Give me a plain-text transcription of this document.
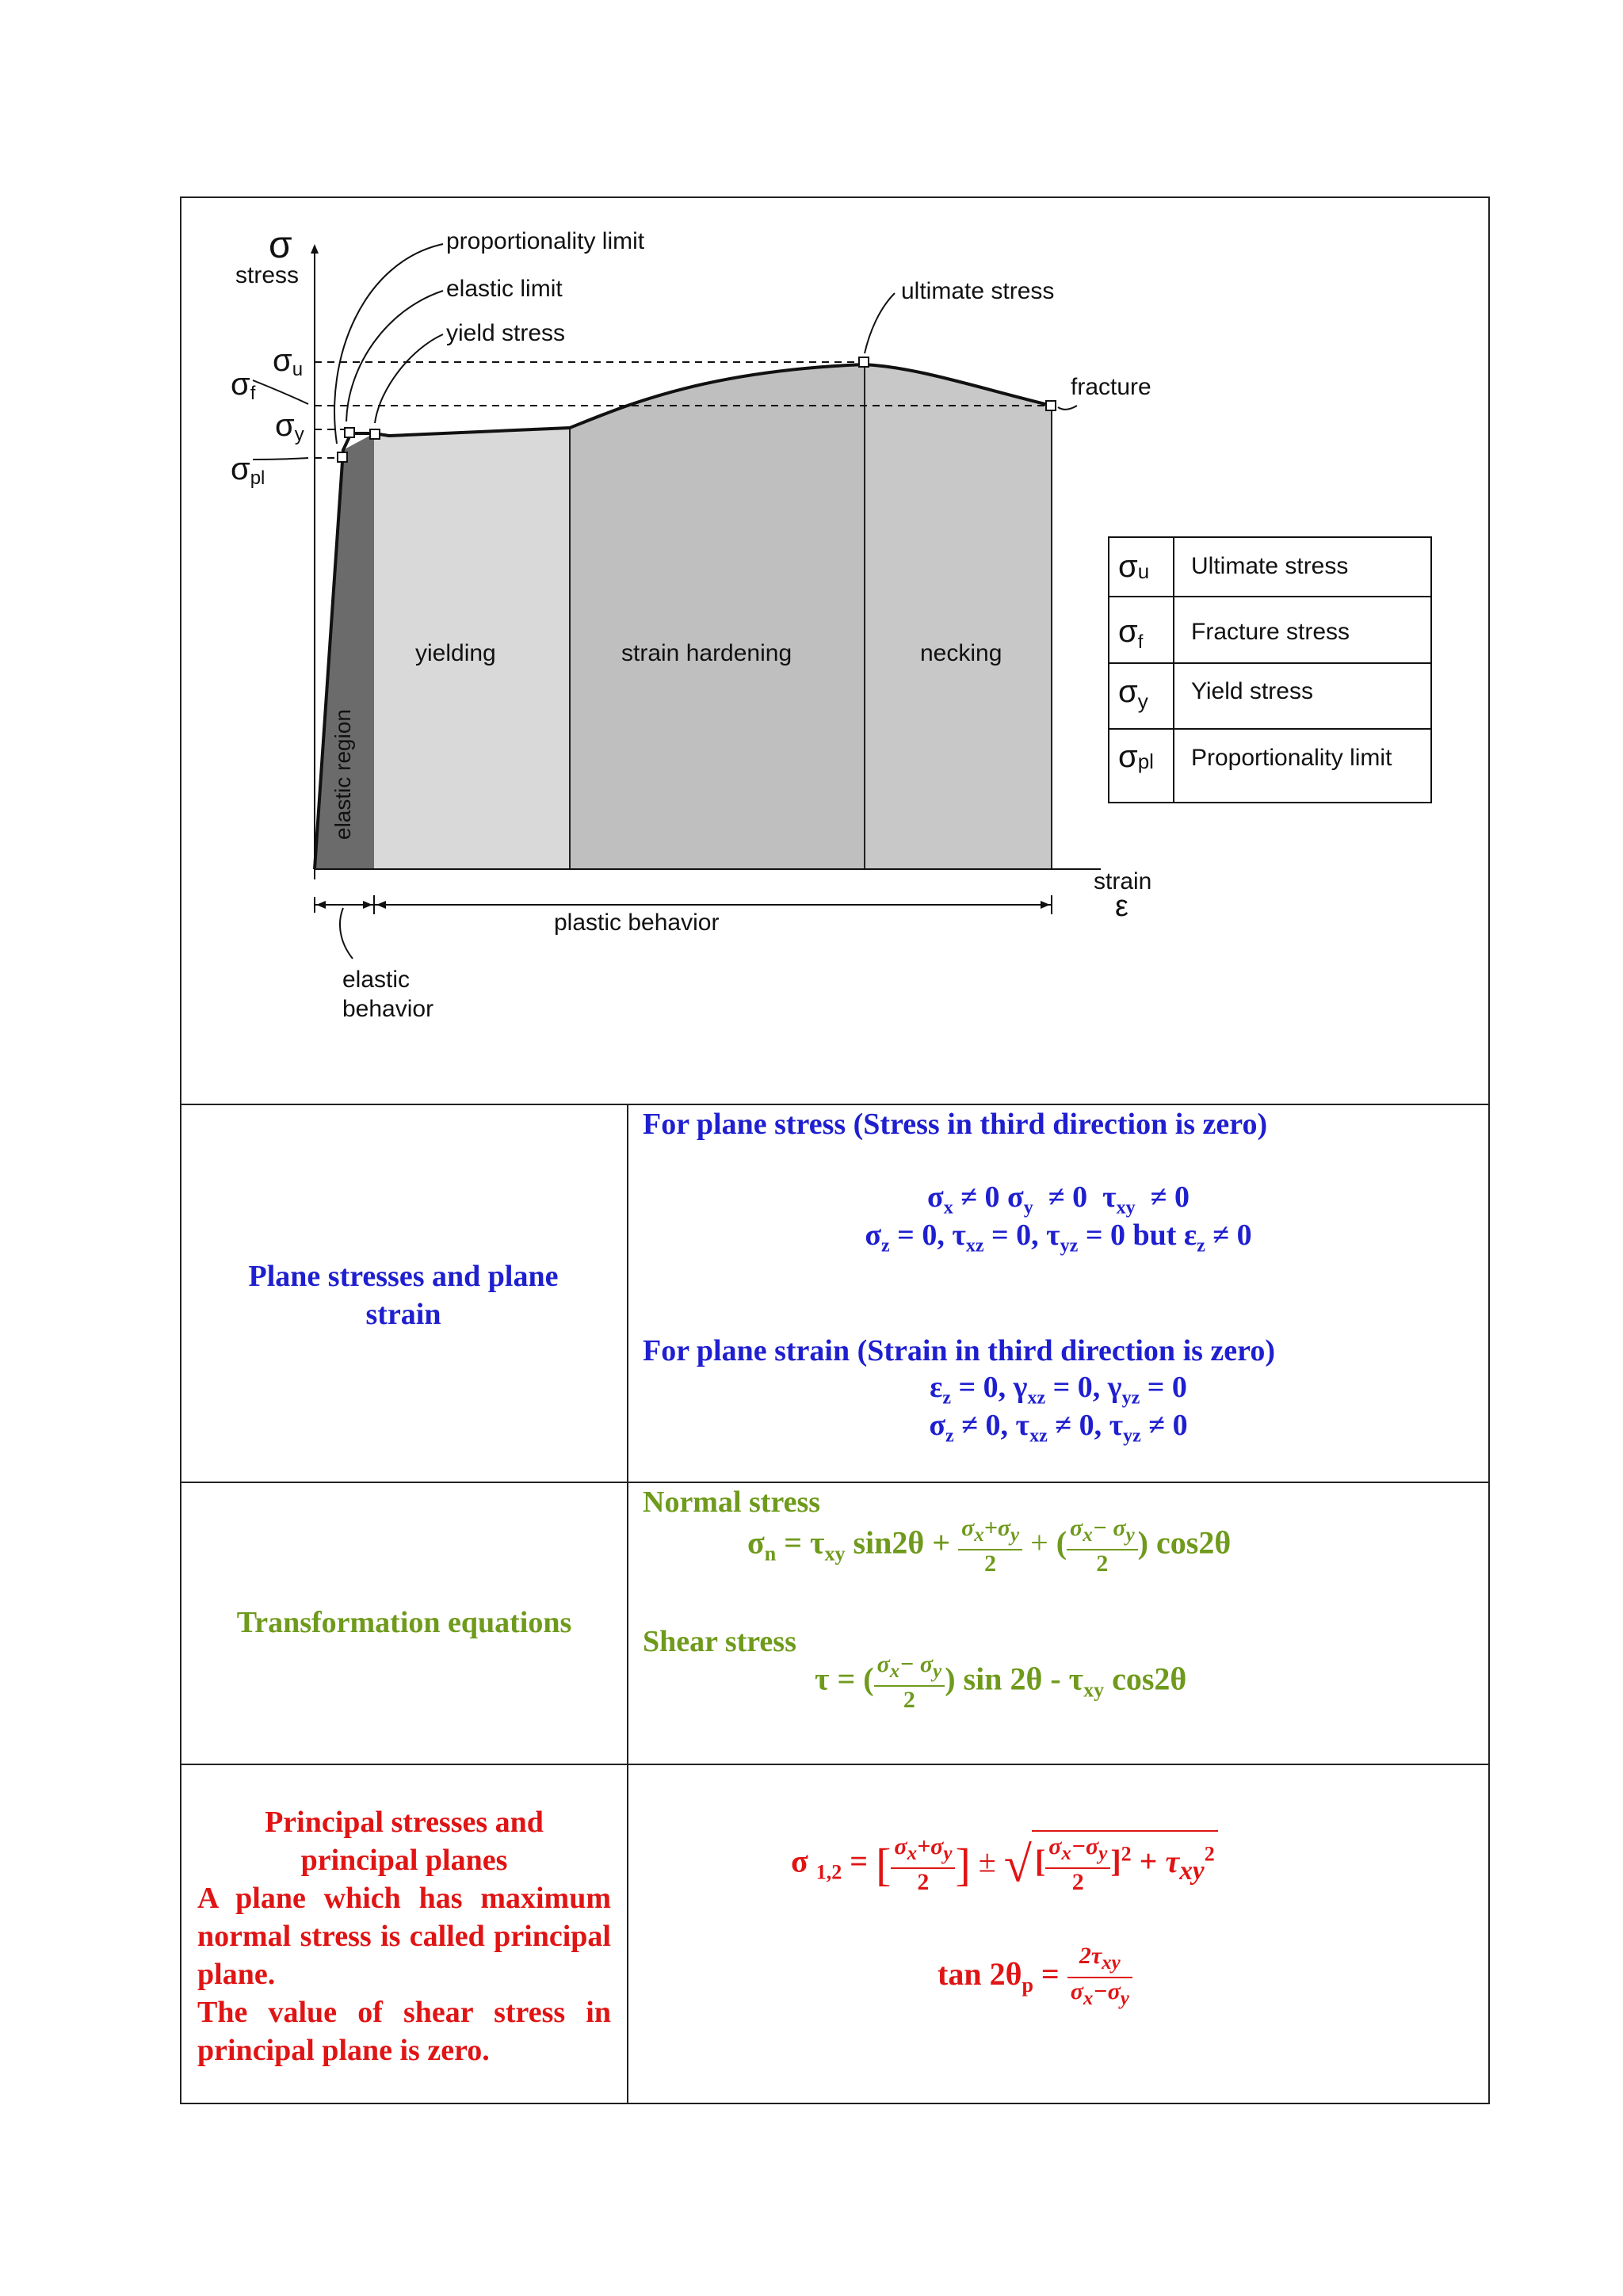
σ
stress
σu
σf
σy
σpl
proportionality limit
elastic limit
yield stress
ultimate stress
fracture
elastic region
yielding	strain hardening	necking
strain
ε
plastic behavior
elastic
behavior
σu Ultimate stress
$\sigma_f$ Fracture stress
$\sigma_y$ Yield stress
σpl Proportionality limit
Plane stresses and plane strain
For plane stress (Stress in third direction is zero)
$\sigma_x \ne 0$ $\sigma_y \ne 0$  $\tau_{xy} \ne 0$
$\sigma_z = 0$, $\tau_{xz} = 0$, $\tau_{yz} = 0$ but $\varepsilon_z \ne 0$
For plane strain (Strain in third direction is zero)
$\varepsilon_z = 0$, $\gamma_{xz} = 0$, $\gamma_{yz} = 0$
$\sigma_z \ne 0$, $\tau_{xz} \ne 0$, $\tau_{yz} \ne 0$
Transformation equations
Normal stress
$\sigma_n = \tau_{xy}$ $\sin 2\theta + \frac{\sigma_x+\sigma_y}{2}$ + ( $\frac{\sigma_x- \sigma_y}{2}$ ) cos2θ
Shear stress
τ = ( $\frac{\sigma_x- \sigma_y}{2}$ ) $\sin 2\theta - \tau_{xy}$ cos2θ
Principal stresses and
principal planes
A plane which has maximum normal stress is called principal plane.
The value of shear stress in principal plane is zero.
σ $_{1,2}$ = [ $\frac{\sigma_x+\sigma_y}{2}$ ] ± √ [ $\frac{\sigma_x-\sigma_y}{2} ]^2 + \tau_{xy}^2$
$\tan 2\theta_p = \frac{2\tau_{xy}}{\sigma_x-\sigma_y}$
